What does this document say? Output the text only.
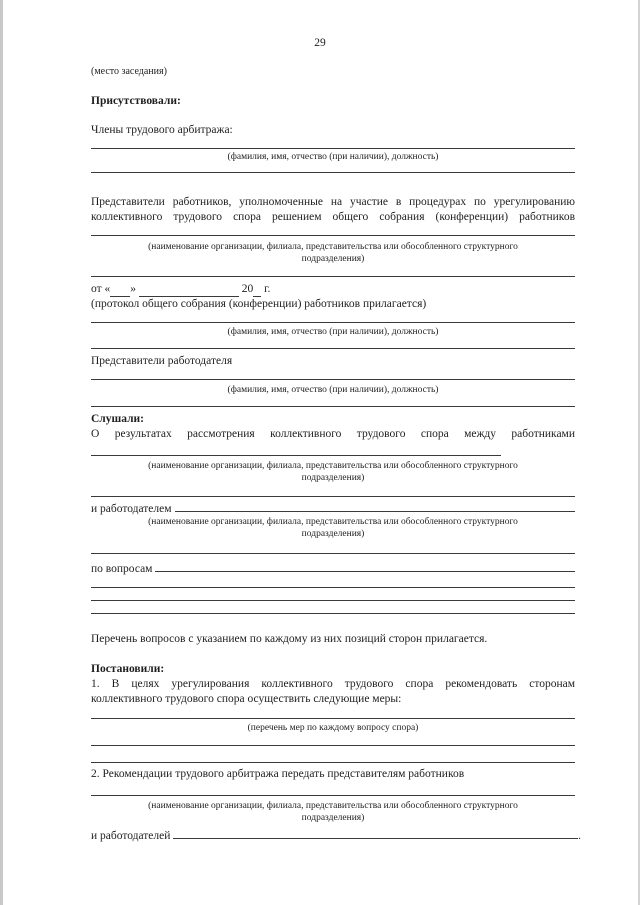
29
(место заседания)
Присутствовали:
Члены трудового арбитража:
(фамилия, имя, отчество (при наличии), должность)
Представители работников, уполномоченные на участие в процедурах по урегулированию
коллективного трудового спора решением общего собрания (конференции) работников
(наименование организации, филиала, представительства или обособленного структурного
подразделения)
от « »	20  г.
(протокол общего собрания (конференции) работников прилагается)
(фамилия, имя, отчество (при наличии), должность)
Представители работодателя
(фамилия, имя, отчество (при наличии), должность)
Слушали:
О результатах рассмотрения коллективного трудового спора между работниками
(наименование организации, филиала, представительства или обособленного структурного
подразделения)
и работодателем
(наименование организации, филиала, представительства или обособленного структурного
подразделения)
по вопросам
Перечень вопросов с указанием по каждому из них позиций сторон прилагается.
Постановили:
1. В целях урегулирования коллективного трудового спора рекомендовать сторонам
коллективного трудового спора осуществить следующие меры:
(перечень мер по каждому вопросу спора)
2. Рекомендации трудового арбитража передать представителям работников
(наименование организации, филиала, представительства или обособленного структурного
подразделения)
и работодателей	.
